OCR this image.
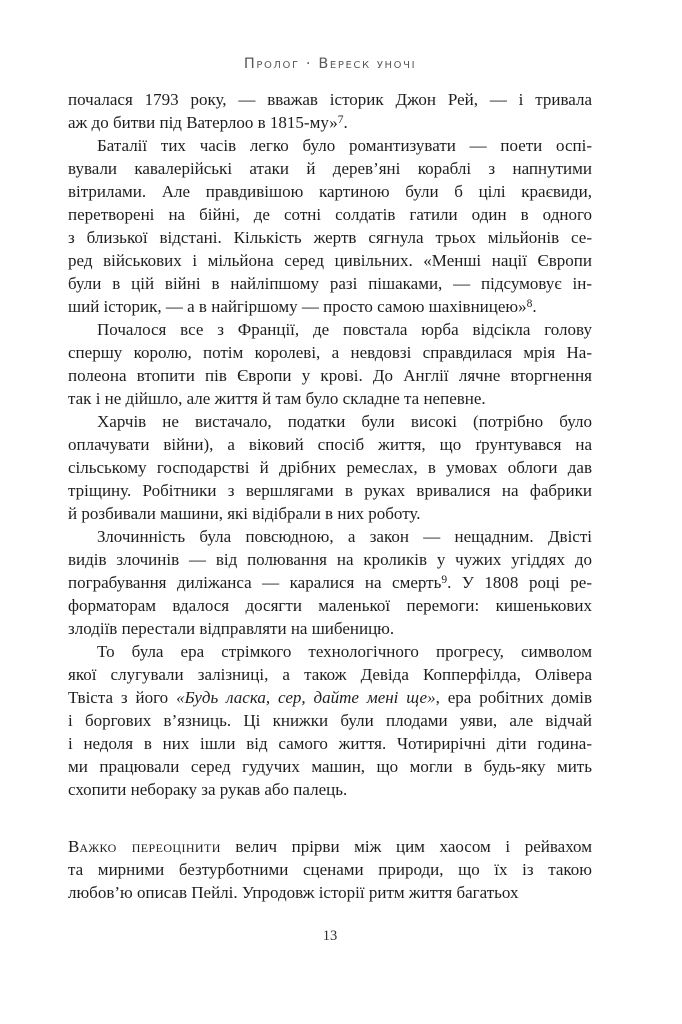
Пролог · Вереск уночі
почалася 1793 року, — вважав історик Джон Рей, — і тривала
аж до битви під Ватерлоо в 1815-му»$^7$.
Баталії тих часів легко було романтизувати — поети оспі-
вували кавалерійські атаки й дерев’яні кораблі з напнутими
вітрилами. Але правдивішою картиною були б цілі краєвиди,
перетворені на бійні, де сотні солдатів гатили один в одного
з близької відстані. Кількість жертв сягнула трьох мільйонів се-
ред військових і мільйона серед цивільних. «Менші нації Європи
були в цій війні в найліпшому разі пішаками, — підсумовує ін-
ший історик, — а в найгіршому — просто самою шахівницею»$^8$.
Почалося все з Франції, де повстала юрба відсікла голову
спершу королю, потім королеві, а невдовзі справдилася мрія На-
полеона втопити пів Європи у крові. До Англії лячне вторгнення
так і не дійшло, але життя й там було складне та непевне.
Харчів не вистачало, податки були високі (потрібно було
оплачувати війни), а віковий спосіб життя, що ґрунтувався на
сільському господарстві й дрібних ремеслах, в умовах облоги дав
тріщину. Робітники з вершлягами в руках вривалися на фабрики
й розбивали машини, які відібрали в них роботу.
Злочинність була повсюдною, а закон — нещадним. Двісті
видів злочинів — від полювання на кроликів у чужих угіддях до
пограбування диліжанса — каралися на смерть$^9$. У 1808 році ре-
форматорам вдалося досягти маленької перемоги: кишенькових
злодіїв перестали відправляти на шибеницю.
То була ера стрімкого технологічного прогресу, символом
якої слугували залізниці, а також Девіда Копперфілда, Олівера
Твіста з його «Будь ласка, сер, дайте мені ще», ера робітних домів
і боргових в’язниць. Ці книжки були плодами уяви, але відчай
і недоля в них ішли від самого життя. Чотирирічні діти година-
ми працювали серед гудучих машин, що могли в будь-яку мить
схопити небораку за рукав або палець.
Важко переоцінити велич прірви між цим хаосом і рейвахом
та мирними безтурботними сценами природи, що їх із такою
любов’ю описав Пейлі. Упродовж історії ритм життя багатьох
13
